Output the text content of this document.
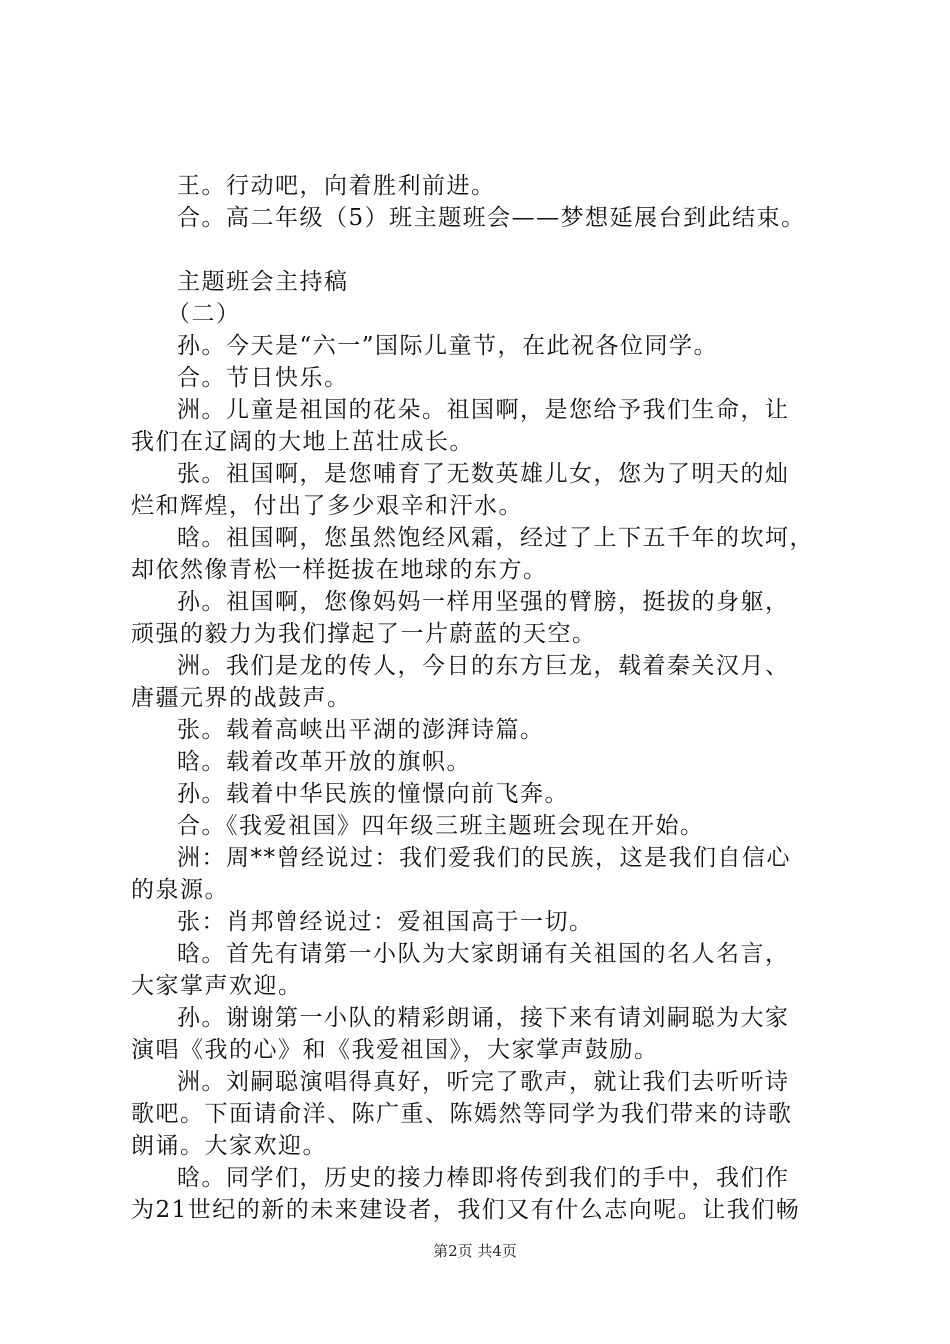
王。行动吧，向着胜利前进。
合。高二年级（5）班主题班会——梦想延展台到此结束。
主题班会主持稿
（二）
孙。今天是“六一”国际儿童节，在此祝各位同学。
合。节日快乐。
洲。儿童是祖国的花朵。祖国啊，是您给予我们生命，让
我们在辽阔的大地上茁壮成长。
张。祖国啊，是您哺育了无数英雄儿女，您为了明天的灿
烂和辉煌，付出了多少艰辛和汗水。
晗。祖国啊，您虽然饱经风霜，经过了上下五千年的坎坷，
却依然像青松一样挺拔在地球的东方。
孙。祖国啊，您像妈妈一样用坚强的臂膀，挺拔的身躯，
顽强的毅力为我们撑起了一片蔚蓝的天空。
洲。我们是龙的传人，今日的东方巨龙，载着秦关汉月、
唐疆元界的战鼓声。
张。载着高峡出平湖的澎湃诗篇。
晗。载着改革开放的旗帜。
孙。载着中华民族的憧憬向前飞奔。
合。《我爱祖国》四年级三班主题班会现在开始。
洲：周**曾经说过：我们爱我们的民族，这是我们自信心
的泉源。
张：肖邦曾经说过：爱祖国高于一切。
晗。首先有请第一小队为大家朗诵有关祖国的名人名言，
大家掌声欢迎。
孙。谢谢第一小队的精彩朗诵，接下来有请刘嗣聪为大家
演唱《我的心》和《我爱祖国》，大家掌声鼓励。
洲。刘嗣聪演唱得真好，听完了歌声，就让我们去听听诗
歌吧。下面请俞洋、陈广重、陈嫣然等同学为我们带来的诗歌
朗诵。大家欢迎。
晗。同学们，历史的接力棒即将传到我们的手中，我们作
为21世纪的新的未来建设者，我们又有什么志向呢。让我们畅
第2页 共4页
